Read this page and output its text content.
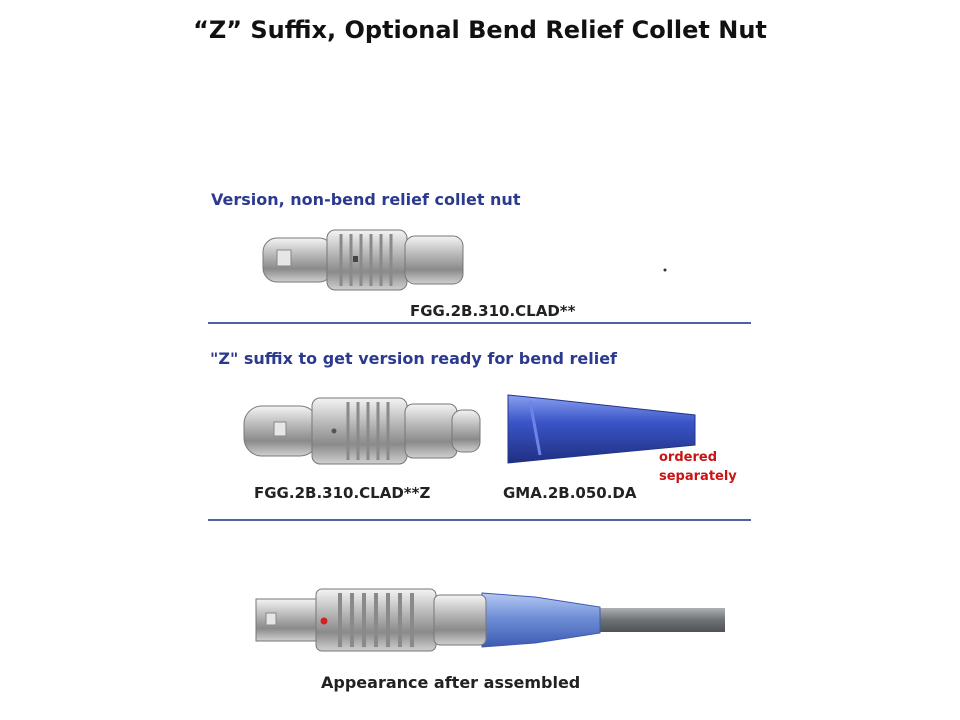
“Z” Suffix, Optional Bend Relief Collet Nut
Version, non-bend relief collet nut
FGG.2B.310.CLAD**
"Z" suffix to get version ready for bend relief
ordered
separately
FGG.2B.310.CLAD**Z	GMA.2B.050.DA
Appearance after assembled
